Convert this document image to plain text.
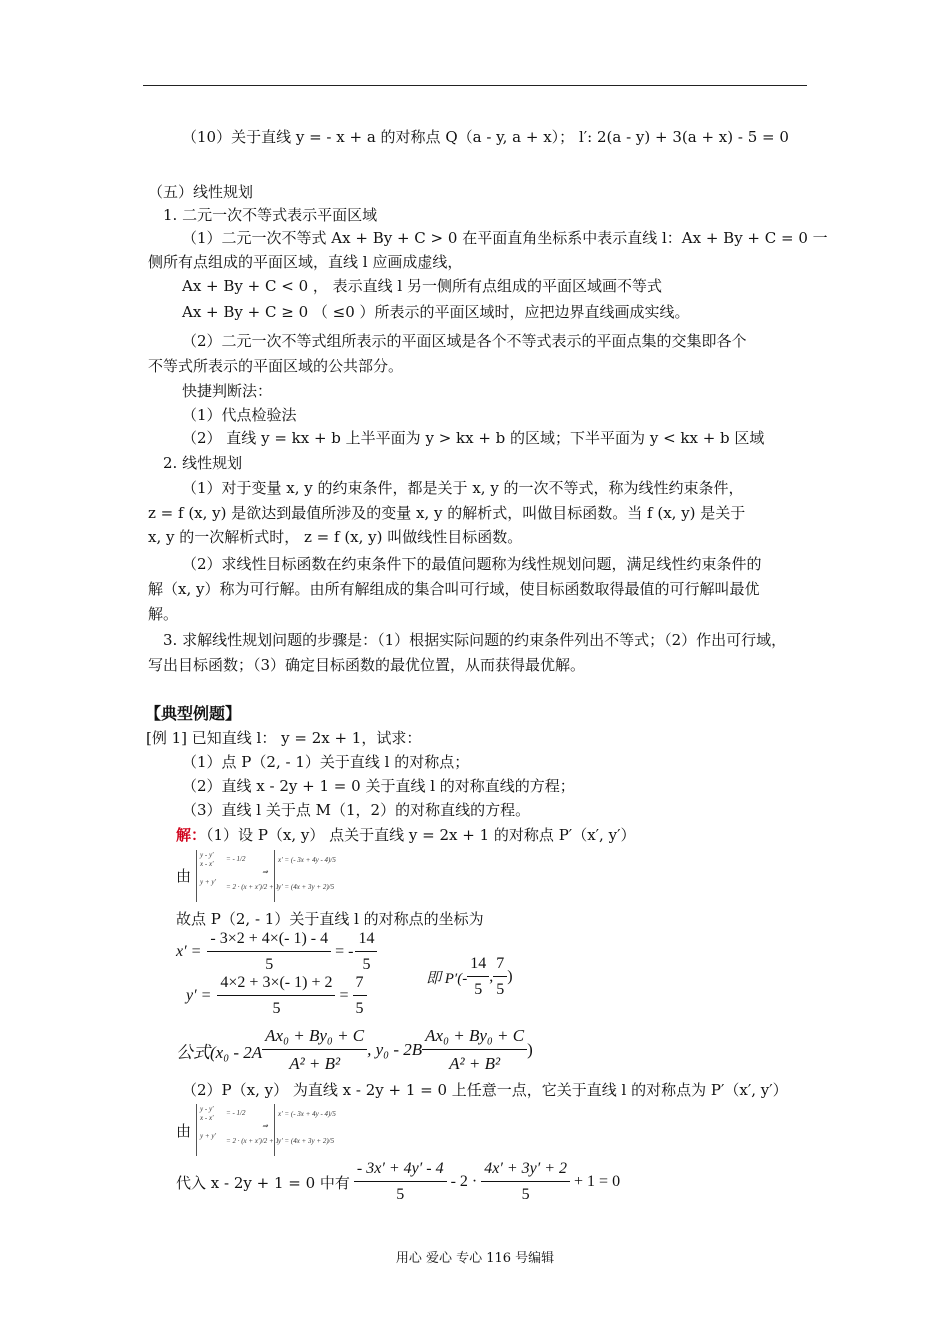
（10）关于直线 y = - x + a 的对称点 Q（a - y, a + x）； l′: 2(a - y) + 3(a + x) - 5 = 0
（五）线性规划
1. 二元一次不等式表示平面区域
（1）二元一次不等式 Ax + By + C > 0 在平面直角坐标系中表示直线 l：Ax + By + C = 0 一
侧所有点组成的平面区域，直线 l 应画成虚线，
Ax + By + C < 0 ， 表示直线 l 另一侧所有点组成的平面区域画不等式
Ax + By + C ≥ 0 （ ≤0 ）所表示的平面区域时，应把边界直线画成实线。
（2）二元一次不等式组所表示的平面区域是各个不等式表示的平面点集的交集即各个
不等式所表示的平面区域的公共部分。
快捷判断法：
（1）代点检验法
（2） 直线 y = kx + b 上半平面为 y > kx + b 的区域；下半平面为 y < kx + b 区域
2. 线性规划
（1）对于变量 x, y 的约束条件，都是关于 x, y 的一次不等式，称为线性约束条件，
z = f (x, y) 是欲达到最值所涉及的变量 x, y 的解析式，叫做目标函数。当 f (x, y) 是关于
x, y 的一次解析式时， z = f (x, y) 叫做线性目标函数。
（2）求线性目标函数在约束条件下的最值问题称为线性规划问题，满足线性约束条件的
解（x, y）称为可行解。由所有解组成的集合叫可行域，使目标函数取得最值的可行解叫最优
解。
3. 求解线性规划问题的步骤是：（1）根据实际问题的约束条件列出不等式；（2）作出可行域，
写出目标函数；（3）确定目标函数的最优位置，从而获得最优解。
【典型例题】
[例 1] 已知直线 l： y = 2x + 1，试求：
（1）点 P（2, - 1）关于直线 l 的对称点；
（2）直线 x - 2y + 1 = 0 关于直线 l 的对称直线的方程；
（3）直线 l 关于点 M（1，2）的对称直线的方程。
解：（1）设 P（x, y） 点关于直线 y = 2x + 1 的对称点 P′（x′, y′）
由
y - y′
x - x′
= - 1/2
y + y′
= 2 · (x + x′)/2 + 1
⇒
x′ = (- 3x + 4y - 4)/5
y′ = (4x + 3y + 2)/5
故点 P（2, - 1）关于直线 l 的对称点的坐标为
$x' = \frac{- 3\times 2 + 4\times(- 1) - 4}{5}$ = - $\frac{14}{5}$
即 $P'(- \frac{14}{5}$ , $\frac{7}{5}$ )
$y' = \frac{4\times 2 + 3\times(- 1) + 2}{5} = \frac{7}{5}$
公式($x_0 - 2A \frac{\text{Ax₀ + By₀ + C}}{\text{A² + B²}}$ , $y_0 - 2B \frac{\text{Ax₀ + By₀ + C}}{\text{A² + B²}}$ )
（2）P（x, y） 为直线 x - 2y + 1 = 0 上任意一点，它关于直线 l 的对称点为 P′（x′, y′）
由
y - y′
x - x′
= - 1/2
y + y′
= 2 · (x + x′)/2 + 1
⇒
x′ = (- 3x + 4y - 4)/5
y′ = (4x + 3y + 2)/5
代入 x - 2y + 1 = 0 中有 $\frac{- 3x' + 4y' - 4}{5} - 2 \cdot \frac{4x' + 3y' + 2}{5} + 1 = 0$
用心 爱心 专心 116 号编辑
